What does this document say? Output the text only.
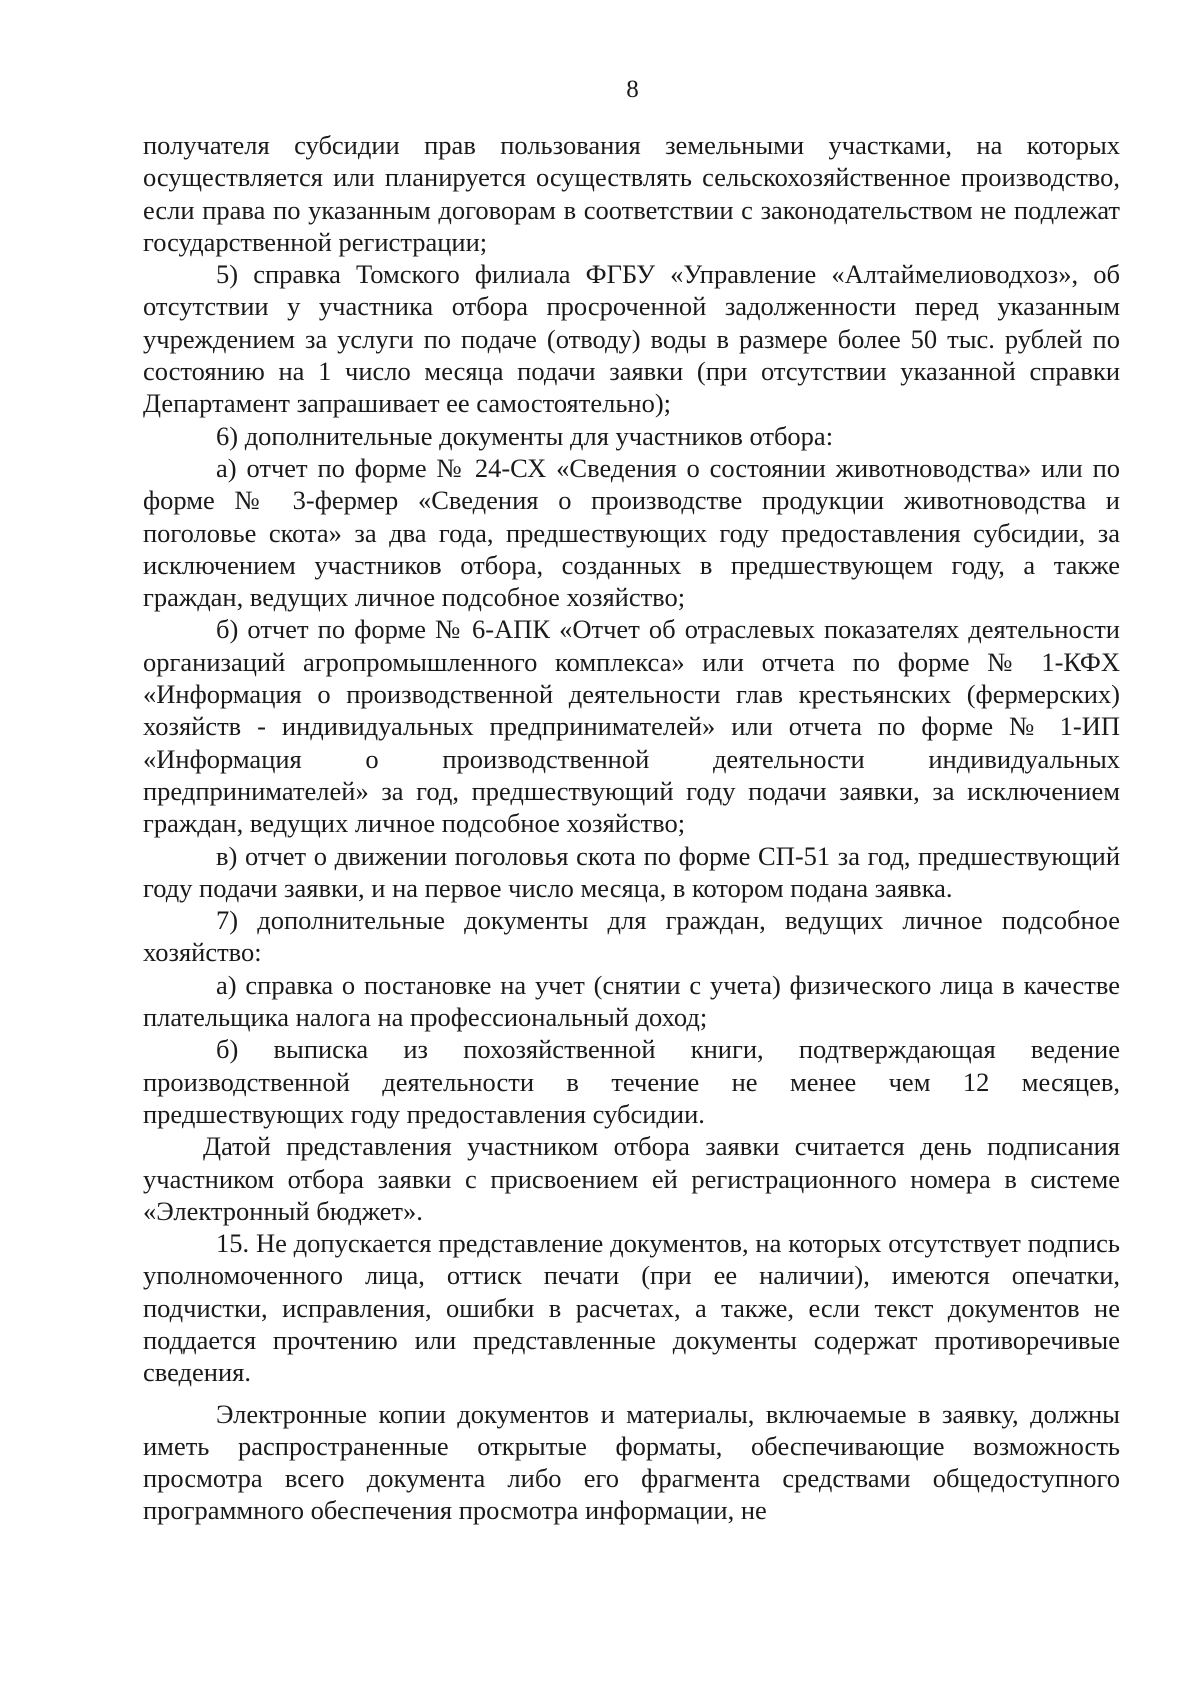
8

получателя субсидии прав пользования земельными участками, на которых осуществляется или планируется осуществлять сельскохозяйственное производство, если права по указанным договорам в соответствии с законодательством не подлежат государственной регистрации;

5) справка Томского филиала ФГБУ «Управление «Алтаймелиоводхоз», об отсутствии у участника отбора просроченной задолженности перед указанным учреждением за услуги по подаче (отводу) воды в размере более 50 тыс. рублей по состоянию на 1 число месяца подачи заявки (при отсутствии указанной справки Департамент запрашивает ее самостоятельно);

6) дополнительные документы для участников отбора:

а) отчет по форме № 24-СХ «Сведения о состоянии животноводства» или по форме № 3-фермер «Сведения о производстве продукции животноводства и поголовье скота» за два года, предшествующих году предоставления субсидии, за исключением участников отбора, созданных в предшествующем году, а также граждан, ведущих личное подсобное хозяйство;

б) отчет по форме № 6-АПК «Отчет об отраслевых показателях деятельности организаций агропромышленного комплекса» или отчета по форме № 1-КФХ «Информация о производственной деятельности глав крестьянских (фермерских) хозяйств - индивидуальных предпринимателей» или отчета по форме № 1-ИП «Информация о производственной деятельности индивидуальных предпринимателей» за год, предшествующий году подачи заявки, за исключением граждан, ведущих личное подсобное хозяйство;

в) отчет о движении поголовья скота по форме СП-51 за год, предшествующий году подачи заявки, и на первое число месяца, в котором подана заявка.

7) дополнительные документы для граждан, ведущих личное подсобное хозяйство:

а) справка о постановке на учет (снятии с учета) физического лица в качестве плательщика налога на профессиональный доход;

б) выписка из похозяйственной книги, подтверждающая ведение производственной деятельности в течение не менее чем 12 месяцев, предшествующих году предоставления субсидии.

Датой представления участником отбора заявки считается день подписания участником отбора заявки с присвоением ей регистрационного номера в системе «Электронный бюджет».

15. Не допускается представление документов, на которых отсутствует подпись уполномоченного лица, оттиск печати (при ее наличии), имеются опечатки, подчистки, исправления, ошибки в расчетах, а также, если текст документов не поддается прочтению или представленные документы содержат противоречивые сведения.

Электронные копии документов и материалы, включаемые в заявку, должны иметь распространенные открытые форматы, обеспечивающие возможность просмотра всего документа либо его фрагмента средствами общедоступного программного обеспечения просмотра информации, не
